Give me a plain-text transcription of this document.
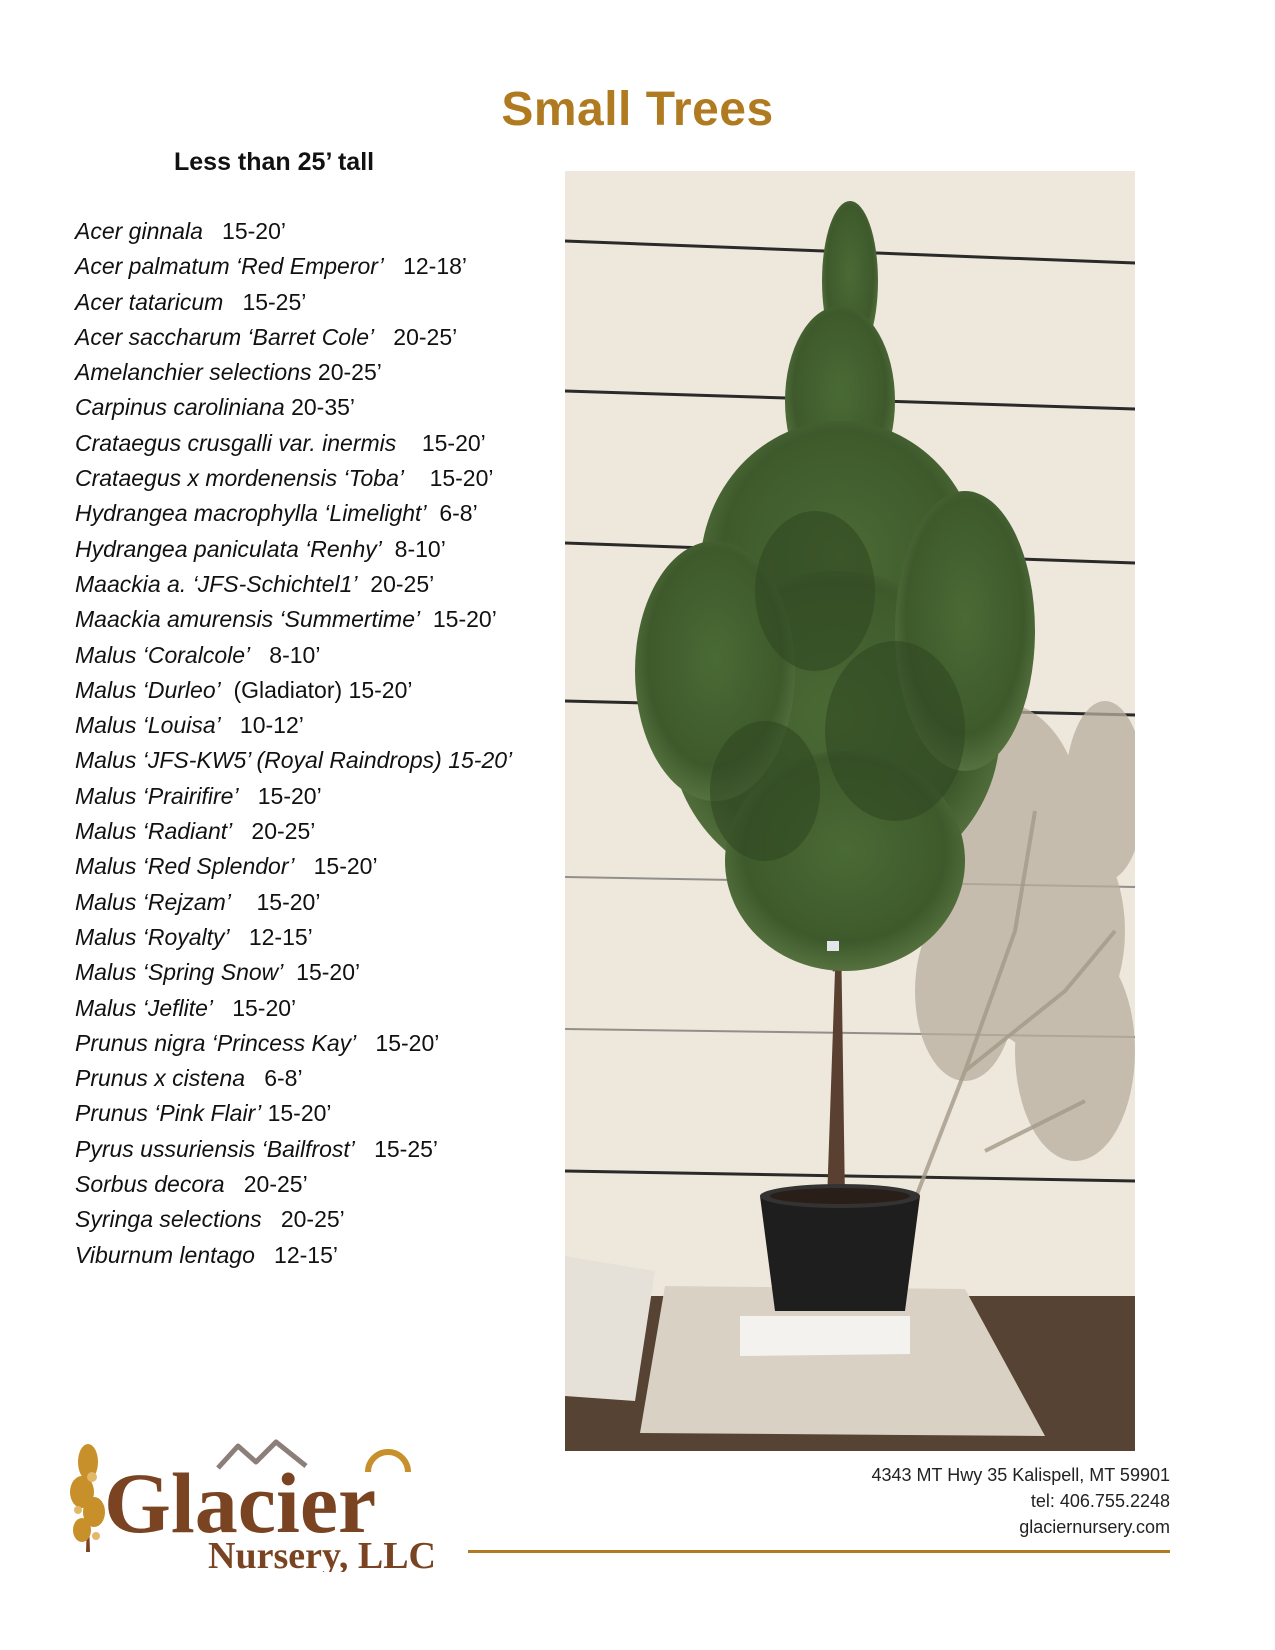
Small Trees
Less than 25’ tall
Acer ginnala 15-20’
Acer palmatum ‘Red Emperor’ 12-18’
Acer tataricum 15-25’
Acer saccharum ‘Barret Cole’ 20-25’
Amelanchier selections 20-25’
Carpinus caroliniana 20-35’
Crataegus crusgalli var. inermis 15-20’
Crataegus x mordenensis ‘Toba’ 15-20’
Hydrangea macrophylla ‘Limelight’ 6-8’
Hydrangea paniculata ‘Renhy’ 8-10’
Maackia a. ‘JFS-Schichtel1’ 20-25’
Maackia amurensis ‘Summertime’ 15-20’
Malus ‘Coralcole’ 8-10’
Malus ‘Durleo’ (Gladiator) 15-20’
Malus ‘Louisa’ 10-12’
Malus ‘JFS-KW5’ (Royal Raindrops) 15-20’
Malus ‘Prairifire’ 15-20’
Malus ‘Radiant’ 20-25’
Malus ‘Red Splendor’ 15-20’
Malus ‘Rejzam’ 15-20’
Malus ‘Royalty’ 12-15’
Malus ‘Spring Snow’ 15-20’
Malus ‘Jeflite’ 15-20’
Prunus nigra ‘Princess Kay’ 15-20’
Prunus x cistena 6-8’
Prunus ‘Pink Flair’ 15-20’
Pyrus ussuriensis ‘Bailfrost’ 15-25’
Sorbus decora 20-25’
Syringa selections 20-25’
Viburnum lentago 12-15’
Glacier
Nursery, LLC
4343 MT Hwy 35 Kalispell, MT 59901
tel: 406.755.2248
glaciernursery.com
